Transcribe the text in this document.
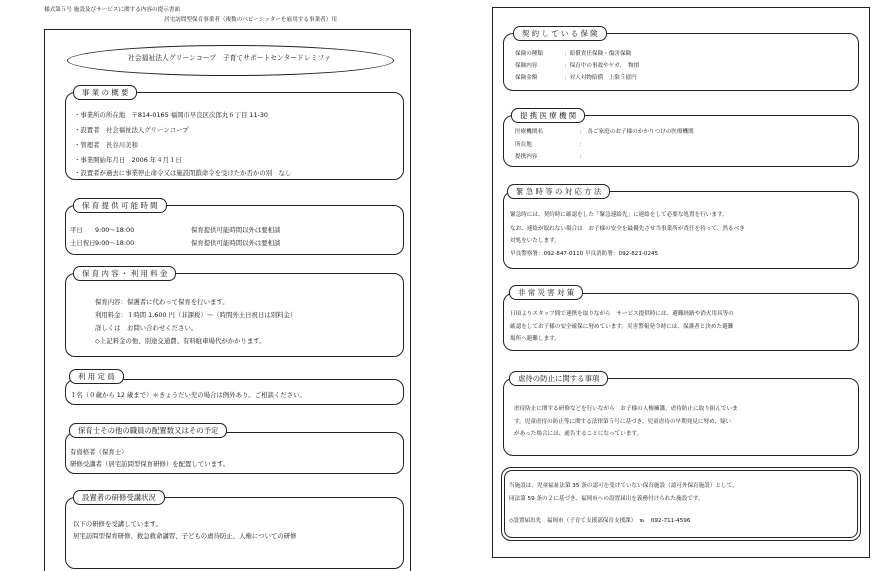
様式第５号 施設及びサービスに関する内容の提示書面
居宅訪問型保育事業者（複数のベビーシッターを雇用する事業者）用
社会福祉法人グリーンコープ　子育てサポートセンタードレミファ
・事業所の所在地　〒814-0165 福岡市早良区次郎丸６丁目 11-30
・設置者　社会福祉法人グリーンコープ
・管理者　長谷川美和
・事業開始年月日　2006 年４月１日
・設置者が過去に事業停止命令又は施設閉鎖命令を受けたか否かの別　なし
事 業 の 概 要
平日 9:00～18:00	保育提供可能時間以外は要相談
土日祝日 9:00～18:00	保育提供可能時間以外は要相談
保 育 提 供 可 能 時 間
保育内容：保護者に代わって保育を行います。
利用料金：１時間 1,600 円（非課税）～（時間外土日祝日は別料金）
詳しくは　お問い合わせください。
◇上記料金の他、別途交通費、有料駐車場代がかかります。
保 育 内 容 ・ 利 用 料 金
１名（０歳から 12 歳まで）＊きょうだい児の場合は例外あり。ご相談ください。
利 用 定 員
有資格者（保育士）
研修受講者（居宅訪問型保育研修）を配置しています。
保育士その他の職員の配置数又はその予定
以下の研修を受講しています。
居宅訪問型保育研修、救急救命講習、子どもの虐待防止、人権についての研修
設置者の研修受講状況
保険の種類	：賠償責任保険・傷害保険
保険内容	：保育中の事故やケガ、　物損
保険金額	：対人対物賠償　上限５億円
契 約 し て い る 保 険
医療機関名	：　各ご家庭のお子様のかかりつけの医療機関
所在地	：
提携内容	：
提 携 医 療 機 関
緊急時には、契約時に確認をした「緊急連絡先」に連絡をして必要な処置を行います。
なお、連絡が取れない場合は　お子様の安全を最優先させ当事業所が責任を持って、然るべき
対処をいたします。
早良警察署：092-847-0110 早良消防署：092-821-0245
緊 急 時 等 の 対 応 方 法
日頃よりスタッフ間で連携を取りながら　サービス提供時には、避難経路や消火用具等の
確認をしてお子様の安全確保に努めています。災害警報発令時には、保護者と決めた避難
場所へ避難します。
非 常 災 害 対 策
虐待防止に関する研修などを行いながら　お子様の人権擁護、虐待防止に取り組んでいま
す。児童虐待の防止等に関する法律第５号に基づき、児童虐待の早期発見に努め、疑い
があった場合には、通告することになっています。
虐待の防止に関する事項
当施設は、児童福祉法第 35 条の認可を受けていない保育施設（認可外保育施設）として、
同法第 59 条の２に基づき、福岡市への設置届出を義務付けられた施設です。
◇設置届出先　福岡市（子育て支援部保育支援課）　℡　092-711-4596
